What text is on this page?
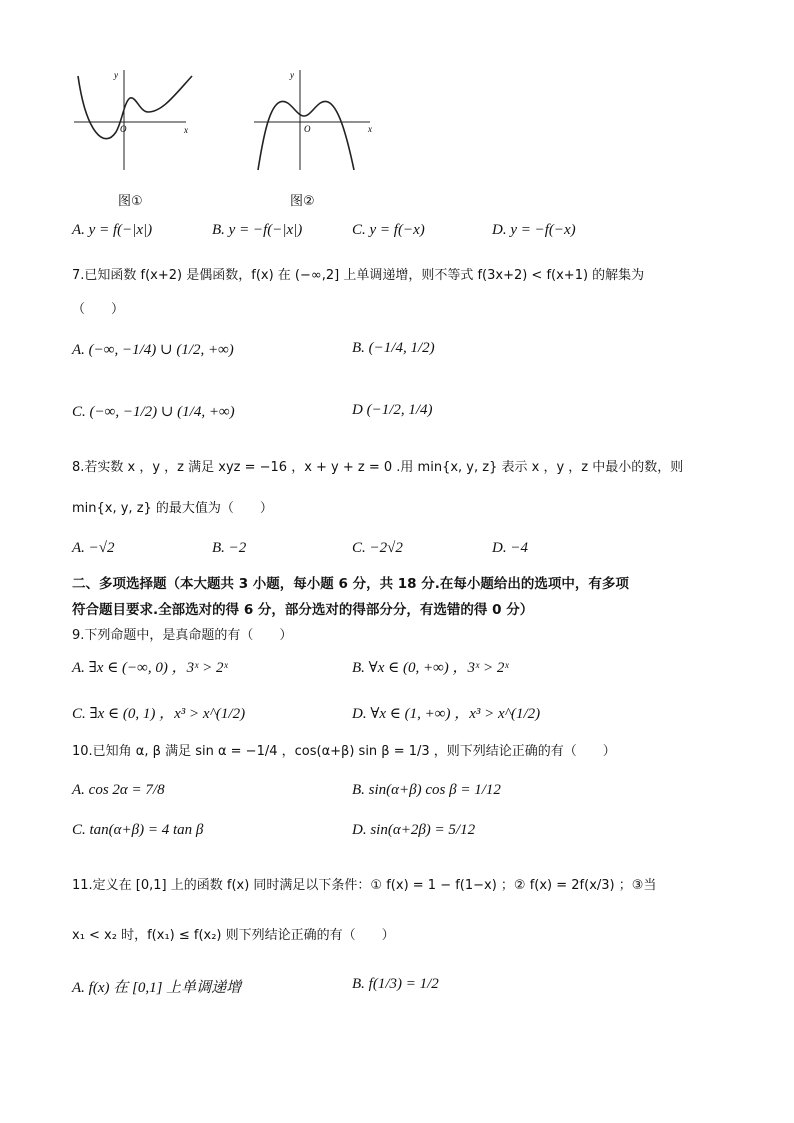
x
y
O
图①
x
y
O
图②
A. y = f(−|x|)	B. y = −f(−|x|)	C. y = f(−x)	D. y = −f(−x)
7.已知函数 f(x+2) 是偶函数，f(x) 在 (−∞,2] 上单调递增，则不等式 f(3x+2) < f(x+1) 的解集为
（　　）
A. (−∞, −1/4) ∪ (1/2, +∞)	B. (−1/4, 1/2)
C. (−∞, −1/2) ∪ (1/4, +∞)	D (−1/2, 1/4)
8.若实数 x ，y ，z 满足 xyz = −16 ，x + y + z = 0 .用 min{x, y, z} 表示 x ，y ，z 中最小的数，则
min{x, y, z} 的最大值为（　　）
A. −√2	B. −2	C. −2√2	D. −4
二、多项选择题（本大题共 3 小题，每小题 6 分，共 18 分.在每小题给出的选项中，有多项
符合题目要求.全部选对的得 6 分，部分选对的得部分分，有选错的得 0 分）
9.下列命题中，是真命题的有（　　）
A. ∃x ∈ (−∞, 0) ，3ˣ > 2ˣ	B. ∀x ∈ (0, +∞) ，3ˣ > 2ˣ
C. ∃x ∈ (0, 1) ，x³ > x^(1/2)	D. ∀x ∈ (1, +∞) ，x³ > x^(1/2)
10.已知角 α, β 满足 sin α = −1/4 ，cos(α+β) sin β = 1/3 ，则下列结论正确的有（　　）
A. cos 2α = 7/8	B. sin(α+β) cos β = 1/12
C. tan(α+β) = 4 tan β	D. sin(α+2β) = 5/12
11.定义在 [0,1] 上的函数 f(x) 同时满足以下条件：① f(x) = 1 − f(1−x) ；② f(x) = 2f(x/3) ；③当
x₁ < x₂ 时，f(x₁) ≤ f(x₂) 则下列结论正确的有（　　）
A. f(x) 在 [0,1] 上单调递增	B. f(1/3) = 1/2
